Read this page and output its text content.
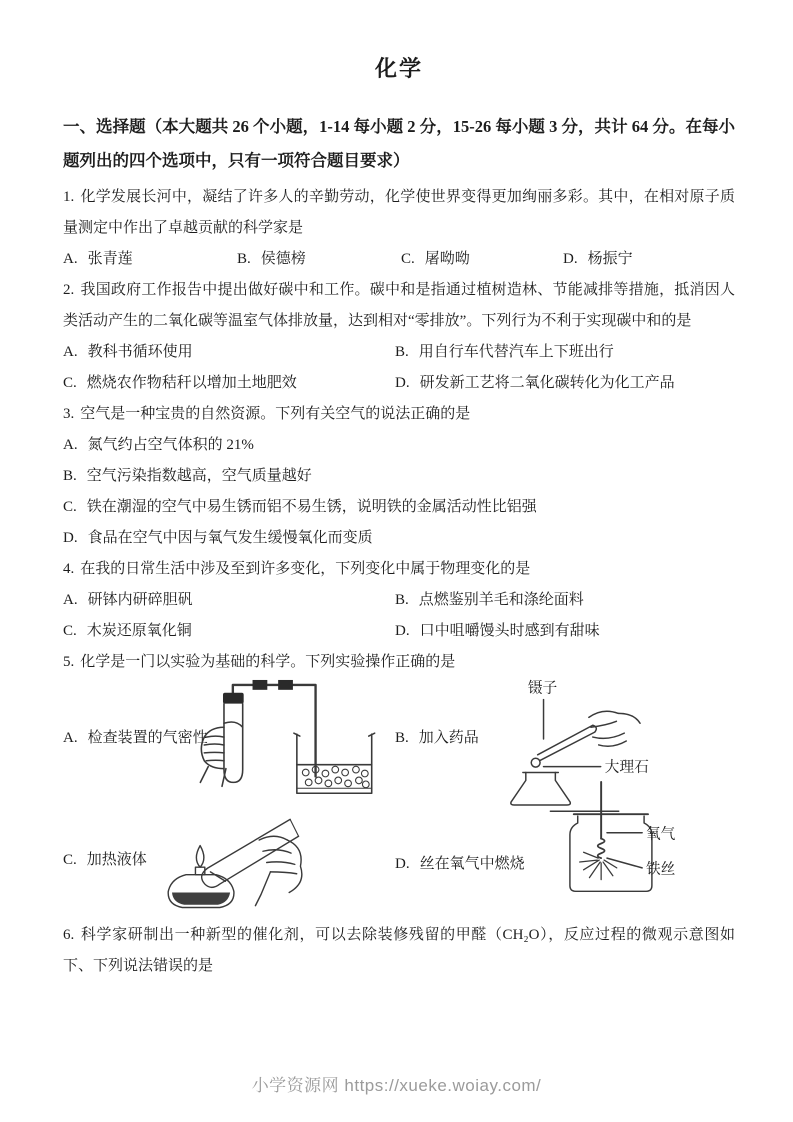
化学
一、选择题（本大题共 26 个小题，1-14 每小题 2 分，15-26 每小题 3 分，共计 64 分。在每小题列出的四个选项中，只有一项符合题目要求）

1. 化学发展长河中，凝结了许多人的辛勤劳动，化学使世界变得更加绚丽多彩。其中，在相对原子质量测定中作出了卓越贡献的科学家是

A. 张青莲	B. 侯德榜	C. 屠呦呦	D. 杨振宁

2. 我国政府工作报告中提出做好碳中和工作。碳中和是指通过植树造林、节能减排等措施，抵消因人类活动产生的二氧化碳等温室气体排放量，达到相对“零排放”。下列行为不利于实现碳中和的是

A. 教科书循环使用	B. 用自行车代替汽车上下班出行
C. 燃烧农作物秸秆以增加土地肥效	D. 研发新工艺将二氧化碳转化为化工产品

3. 空气是一种宝贵的自然资源。下列有关空气的说法正确的是

A. 氮气约占空气体积的 21%
B. 空气污染指数越高，空气质量越好
C. 铁在潮湿的空气中易生锈而铝不易生锈，说明铁的金属活动性比铝强
D. 食品在空气中因与氧气发生缓慢氧化而变质

4. 在我的日常生活中涉及至到许多变化，下列变化中属于物理变化的是

A. 研钵内研碎胆矾	B. 点燃鉴别羊毛和涤纶面料
C. 木炭还原氧化铜	D. 口中咀嚼馒头时感到有甜味

5. 化学是一门以实验为基础的科学。下列实验操作正确的是

A. 检查装置的气密性	B. 加入药品
镊子
大理石
C. 加热液体	D. 丝在氧气中燃烧
氧气
铁丝

6. 科学家研制出一种新型的催化剂，可以去除装修残留的甲醛（CH₂O），反应过程的微观示意图如下、下列说法错误的是

小学资源网 https://xueke.woiay.com/
